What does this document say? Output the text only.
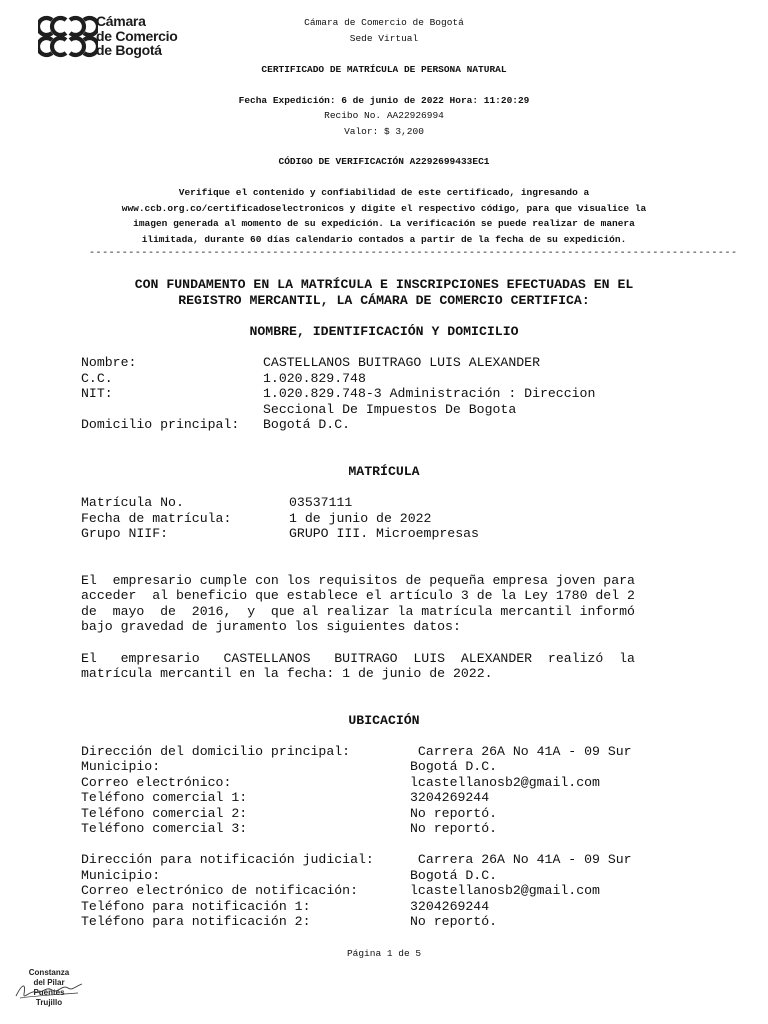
Cámara
de Comercio
de Bogotá
Cámara de Comercio de Bogotá
Sede Virtual
CERTIFICADO DE MATRÍCULA DE PERSONA NATURAL
Fecha Expedición: 6 de junio de 2022 Hora: 11:20:29
Recibo No. AA22926994
Valor: $ 3,200
CÓDIGO DE VERIFICACIÓN A2292699433EC1
Verifique el contenido y confiabilidad de este certificado, ingresando a
www.ccb.org.co/certificadoselectronicos y digite el respectivo código, para que visualice la
imagen generada al momento de su expedición. La verificación se puede realizar de manera
ilimitada, durante 60 días calendario contados a partir de la fecha de su expedición.
---------------------------------------------------------------------------------------------------
CON FUNDAMENTO EN LA MATRÍCULA E INSCRIPCIONES EFECTUADAS EN EL
REGISTRO MERCANTIL, LA CÁMARA DE COMERCIO CERTIFICA:
NOMBRE, IDENTIFICACIÓN Y DOMICILIO
Nombre:	CASTELLANOS BUITRAGO LUIS ALEXANDER
C.C.	1.020.829.748
NIT:	1.020.829.748-3 Administración : Direccion
Seccional De Impuestos De Bogota
Domicilio principal: Bogotá D.C.
MATRÍCULA
Matrícula No.	03537111
Fecha de matrícula:	1 de junio de 2022
Grupo NIIF:	GRUPO III. Microempresas
El  empresario cumple con los requisitos de pequeña empresa joven para
acceder  al beneficio que establece el artículo 3 de la Ley 1780 del 2
de  mayo  de  2016,  y  que al realizar la matrícula mercantil informó
bajo gravedad de juramento los siguientes datos:
El   empresario   CASTELLANOS   BUITRAGO  LUIS  ALEXANDER  realizó  la
matrícula mercantil en la fecha: 1 de junio de 2022.
UBICACIÓN
Dirección del domicilio principal:	Carrera 26A No 41A - 09 Sur
Municipio:	Bogotá D.C.
Correo electrónico:	lcastellanosb2@gmail.com
Teléfono comercial 1:	3204269244
Teléfono comercial 2:	No reportó.
Teléfono comercial 3:	No reportó.
Dirección para notificación judicial:	Carrera 26A No 41A - 09 Sur
Municipio:	Bogotá D.C.
Correo electrónico de notificación:	lcastellanosb2@gmail.com
Teléfono para notificación 1:	3204269244
Teléfono para notificación 2:	No reportó.
Página 1 de 5
Constanza
del Pilar
Puentes
Trujillo
